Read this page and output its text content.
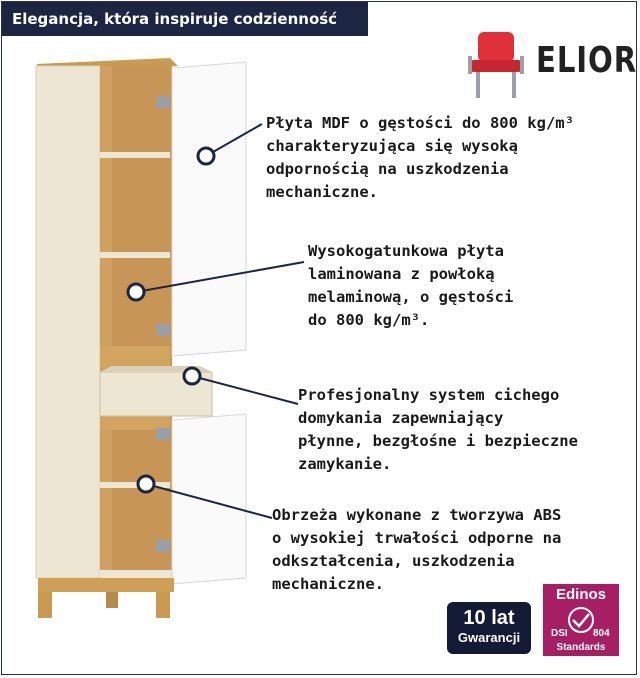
Elegancja, która inspiruje codzienność
ELIOR
Płyta MDF o gęstości do 800 kg/m³
charakteryzująca się wysoką
odpornością na uszkodzenia
mechaniczne.
Wysokogatunkowa płyta
laminowana z powłoką
melaminową, o gęstości
do 800 kg/m³.
Profesjonalny system cichego
domykania zapewniający
płynne, bezgłośne i bezpieczne
zamykanie.
Obrzeża wykonane z tworzywa ABS
o wysokiej trwałości odporne na
odkształcenia, uszkodzenia
mechaniczne.
10 lat
Gwarancji
Edinos
DSI	804
Standards
